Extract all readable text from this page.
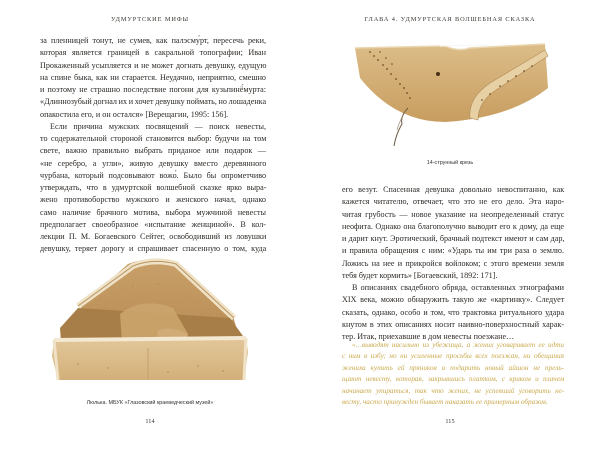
УДМУРТСКИЕ МИФЫ
за пленницей тонут, не сумев, как палэсму́рт, пересечь реки,
которая является границей в сакральной топографии; Иван
Прокаженный усыпляется и не может догнать девушку, едущую
на спине быка, как ни старается. Неудачно, неприятно, смешно
и поэтому не страшно последствие погони для кузьпинё́мурта:
«Длиннозубый догнал их и хочет девушку поймать, но лошаденка
опакостила его, и он остался» [Верещагин, 1995: 156].
Если причина мужских посвящений — поиск невесты,
то содержательной стороной становится выбор: будучи на том
свете, важно правильно выбрать приданое или подарок —
«не серебро, а угли», живую девушку вместо деревянного
чурбана, который подсовывают вожо́. Было бы опрометчиво
утверждать, что в удмуртской волшебной сказке ярко выра-
жено противоборство мужского и женского начал, однако
само наличие брачного мотива, выбора мужчиной невесты
предполагает своеобразное «испытание женщиной». В кол-
лекции П. М. Богаевского Сейтег, освободивший из ловушки
девушку, теряет дорогу и спрашивает спасенную о том, куда
Люлька. МБУК «Глазовский краеведческий музей»
114
ГЛАВА 4. УДМУРТСКАЯ ВОЛШЕБНАЯ СКАЗКА
14-струнный крезь
его везут. Спасенная девушка довольно невоспитанно, как
кажется читателю, отвечает, что это не его дело. Эта наро-
читая грубость — новое указание на неопределенный статус
неофита. Однако она благополучно выводит его к дому, да еще
и дарит кнут. Эротический, брачный подтекст имеют и сам дар,
и правила обращения с ним: «Ударь ты им три раза о землю.
Ложись на нее и прикройся войлоком; с этого времени земля
тебя будет кормить» [Богаевский, 1892: 171].
В описаниях свадебного обряда, оставленных этнографами
XIX века, можно обнаружить такую же «картинку». Следует
сказать, однако, особо и том, что трактовка ритуального удара
кнутом в этих описаниях носит наивно-поверхностный харак-
тер. Итак, приехавшие в дом невесты поезжане…
«…выводят насильно из убежища, а жених уговаривает ее идти
с ним в избу; но ни усиленные просьбы всех поезжан, ни обещания
жениха купить ей пряников и подарить новый айшон не прель-
щают невесту, которая, закрывшись платком, с криком и плачем
начинает упираться, так что жених, не успевший уговорить не-
весту, часто принужден бывает наказать ее примерным образом.
115
